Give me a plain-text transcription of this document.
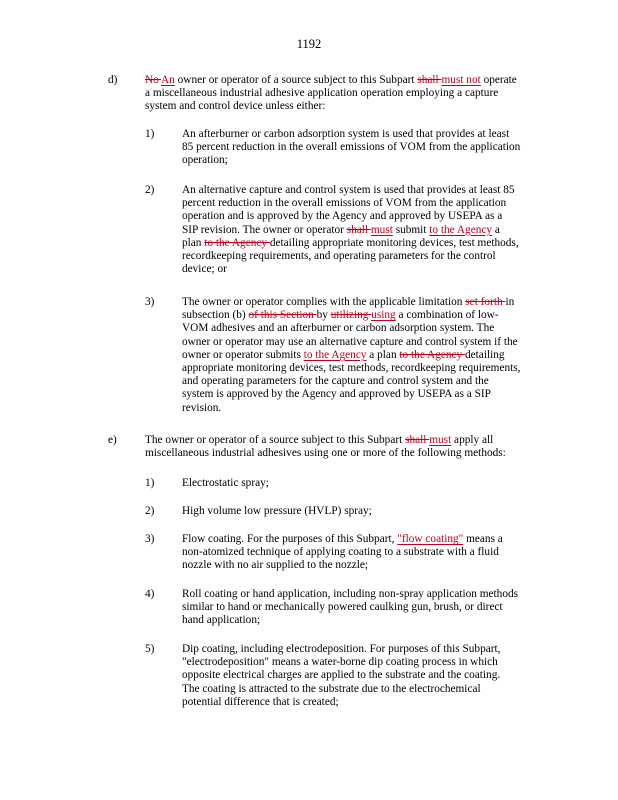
1192
d) No An owner or operator of a source subject to this Subpart shall must not operate
a miscellaneous industrial adhesive application operation employing a capture
system and control device unless either:
1) An afterburner or carbon adsorption system is used that provides at least
85 percent reduction in the overall emissions of VOM from the application
operation;
2) An alternative capture and control system is used that provides at least 85
percent reduction in the overall emissions of VOM from the application
operation and is approved by the Agency and approved by USEPA as a
SIP revision. The owner or operator shall must submit to the Agency a
plan to the Agency detailing appropriate monitoring devices, test methods,
recordkeeping requirements, and operating parameters for the control
device; or
3) The owner or operator complies with the applicable limitation set forth in
subsection (b) of this Section by utilizing using a combination of low-
VOM adhesives and an afterburner or carbon adsorption system. The
owner or operator may use an alternative capture and control system if the
owner or operator submits to the Agency a plan to the Agency detailing
appropriate monitoring devices, test methods, recordkeeping requirements,
and operating parameters for the capture and control system and the
system is approved by the Agency and approved by USEPA as a SIP
revision.
e) The owner or operator of a source subject to this Subpart shall must apply all
miscellaneous industrial adhesives using one or more of the following methods:
1) Electrostatic spray;
2) High volume low pressure (HVLP) spray;
3) Flow coating. For the purposes of this Subpart, "flow coating" means a
non-atomized technique of applying coating to a substrate with a fluid
nozzle with no air supplied to the nozzle;
4) Roll coating or hand application, including non-spray application methods
similar to hand or mechanically powered caulking gun, brush, or direct
hand application;
5) Dip coating, including electrodeposition. For purposes of this Subpart,
"electrodeposition" means a water-borne dip coating process in which
opposite electrical charges are applied to the substrate and the coating.
The coating is attracted to the substrate due to the electrochemical
potential difference that is created;
